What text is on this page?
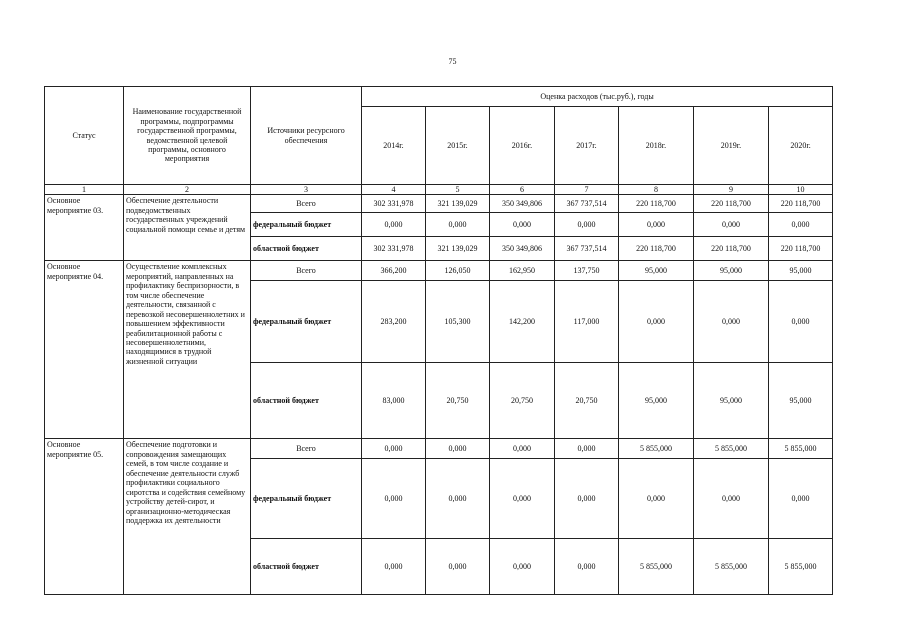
75
Статус	Наименование государственной программы, подпрограммы государственной программы, ведомственной целевой программы, основного мероприятия	Источники ресурсного обеспечения	Оценка расходов (тыс.руб.), годы						
			2014г.	2015г.	2016г.	2017г.	2018г.	2019г.	2020г.
1	2	3	4	5	6	7	8	9	10
Основное мероприятие 03.	Обеспечение деятельности подведомственных государственных учреждений социальной помощи семье и детям	Всего	302 331,978	321 139,029	350 349,806	367 737,514	220 118,700	220 118,700	220 118,700
		федеральный бюджет	0,000	0,000	0,000	0,000	0,000	0,000	0,000
		областной бюджет	302 331,978	321 139,029	350 349,806	367 737,514	220 118,700	220 118,700	220 118,700
Основное мероприятие 04.	Осуществление комплексных мероприятий, направленных на профилактику беспризорности, в том числе обеспечение деятельности, связанной с перевозкой несовершеннолетних и повышением эффективности реабилитационной работы с несовершеннолетними, находящимися в трудной жизненной ситуации	Всего	366,200	126,050	162,950	137,750	95,000	95,000	95,000
		федеральный бюджет	283,200	105,300	142,200	117,000	0,000	0,000	0,000
		областной бюджет	83,000	20,750	20,750	20,750	95,000	95,000	95,000
Основное мероприятие 05.	Обеспечение подготовки и сопровождения замещающих семей, в том числе создание и обеспечение деятельности служб профилактики социального сиротства и содействия семейному устройству детей-сирот, и организационно-методическая поддержка их деятельности	Всего	0,000	0,000	0,000	0,000	5 855,000	5 855,000	5 855,000
		федеральный бюджет	0,000	0,000	0,000	0,000	0,000	0,000	0,000
		областной бюджет	0,000	0,000	0,000	0,000	5 855,000	5 855,000	5 855,000
